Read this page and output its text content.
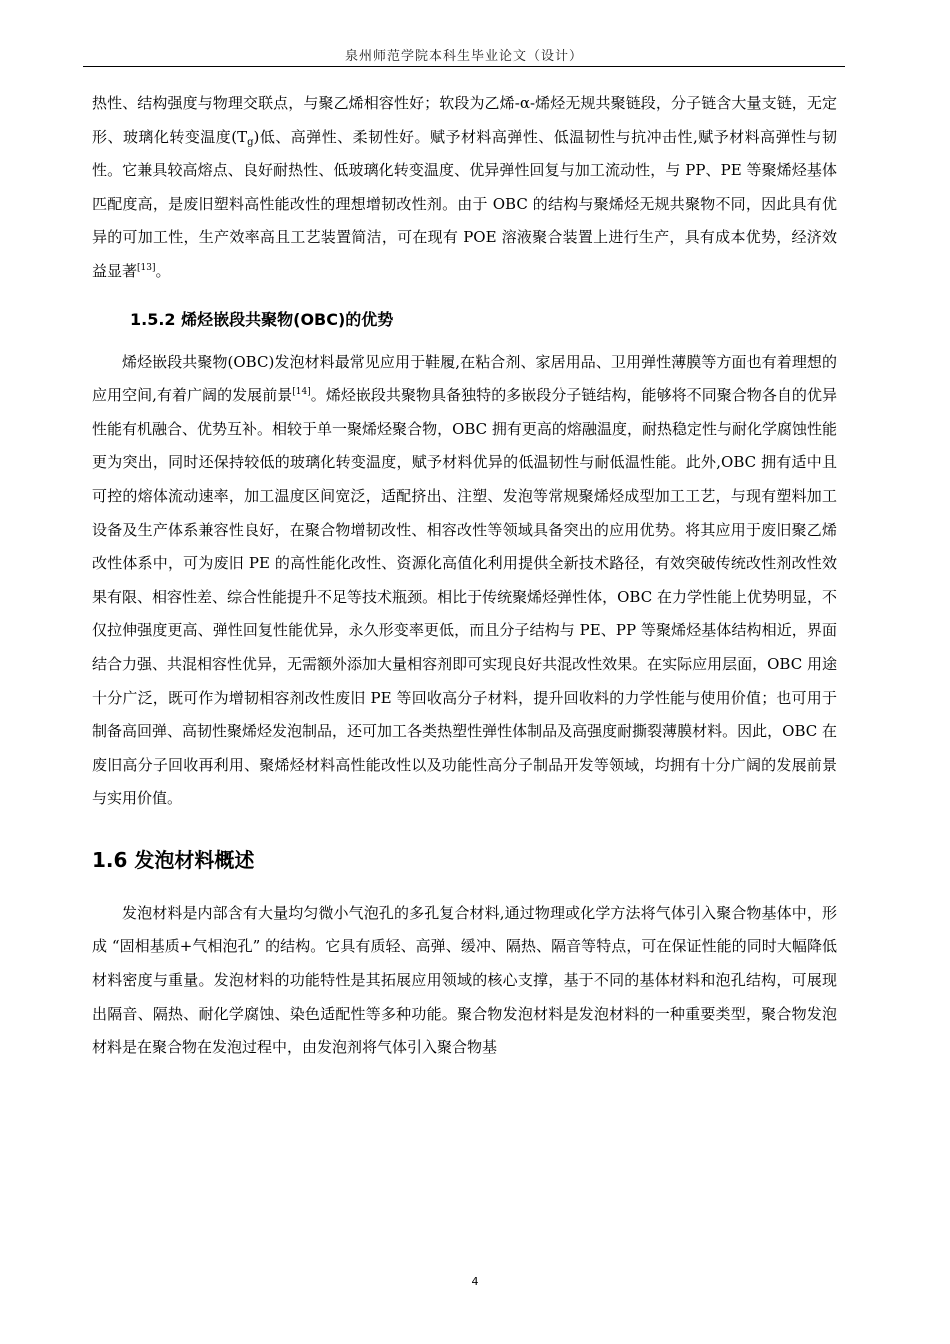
泉州师范学院本科生毕业论文（设计）

热性、结构强度与物理交联点，与聚乙烯相容性好；软段为乙烯-α-烯烃无规共聚链段，分子链含大量支链，无定形、玻璃化转变温度$(T_g)$低、高弹性、柔韧性好。赋予材料高弹性、低温韧性与抗冲击性,赋予材料高弹性与韧性。它兼具较高熔点、良好耐热性、低玻璃化转变温度、优异弹性回复与加工流动性，与 PP、PE 等聚烯烃基体匹配度高，是废旧塑料高性能改性的理想增韧改性剂。由于 OBC 的结构与聚烯烃无规共聚物不同，因此具有优异的可加工性，生产效率高且工艺装置简洁，可在现有 POE 溶液聚合装置上进行生产，具有成本优势，经济效益显著[13]。

1.5.2 烯烃嵌段共聚物(OBC)的优势

烯烃嵌段共聚物(OBC)发泡材料最常见应用于鞋履,在粘合剂、家居用品、卫用弹性薄膜等方面也有着理想的应用空间,有着广阔的发展前景[14]。烯烃嵌段共聚物具备独特的多嵌段分子链结构，能够将不同聚合物各自的优异性能有机融合、优势互补。相较于单一聚烯烃聚合物，OBC 拥有更高的熔融温度，耐热稳定性与耐化学腐蚀性能更为突出，同时还保持较低的玻璃化转变温度，赋予材料优异的低温韧性与耐低温性能。此外,OBC 拥有适中且可控的熔体流动速率，加工温度区间宽泛，适配挤出、注塑、发泡等常规聚烯烃成型加工工艺，与现有塑料加工设备及生产体系兼容性良好，在聚合物增韧改性、相容改性等领域具备突出的应用优势。将其应用于废旧聚乙烯改性体系中，可为废旧 PE 的高性能化改性、资源化高值化利用提供全新技术路径，有效突破传统改性剂改性效果有限、相容性差、综合性能提升不足等技术瓶颈。相比于传统聚烯烃弹性体，OBC 在力学性能上优势明显，不仅拉伸强度更高、弹性回复性能优异，永久形变率更低，而且分子结构与 PE、PP 等聚烯烃基体结构相近，界面结合力强、共混相容性优异，无需额外添加大量相容剂即可实现良好共混改性效果。在实际应用层面，OBC 用途十分广泛，既可作为增韧相容剂改性废旧 PE 等回收高分子材料，提升回收料的力学性能与使用价值；也可用于制备高回弹、高韧性聚烯烃发泡制品，还可加工各类热塑性弹性体制品及高强度耐撕裂薄膜材料。因此，OBC 在废旧高分子回收再利用、聚烯烃材料高性能改性以及功能性高分子制品开发等领域，均拥有十分广阔的发展前景与实用价值。

1.6 发泡材料概述

发泡材料是内部含有大量均匀微小气泡孔的多孔复合材料,通过物理或化学方法将气体引入聚合物基体中，形成 “固相基质+气相泡孔” 的结构。它具有质轻、高弹、缓冲、隔热、隔音等特点，可在保证性能的同时大幅降低材料密度与重量。发泡材料的功能特性是其拓展应用领域的核心支撑，基于不同的基体材料和泡孔结构，可展现出隔音、隔热、耐化学腐蚀、染色适配性等多种功能。聚合物发泡材料是发泡材料的一种重要类型，聚合物发泡材料是在聚合物在发泡过程中，由发泡剂将气体引入聚合物基

4
